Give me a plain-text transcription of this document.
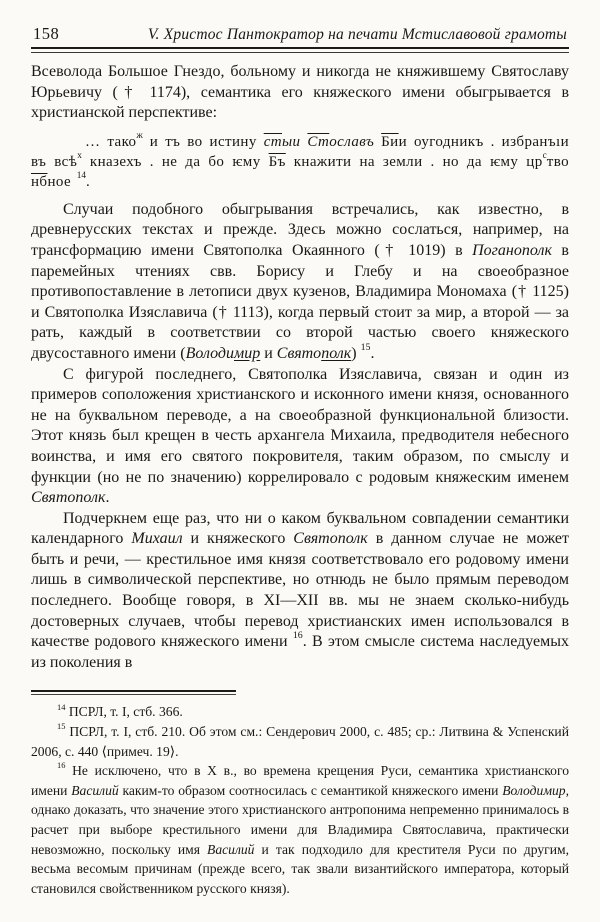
158	V. Христос Пантократор на печати Мстиславовой грамоты

Всеволода Большое Гнездо, больному и никогда не княжившему Святославу Юрьевичу († 1174), семантика его княжеского имени обыгрывается в христианской перспективе:

… тако$^ж$ и тъ во истину стыи Стославъ Бии оугодникъ . избранъıи въ всѣ$^х$ кназехъ . не да бо ѥму Бъ кнажити на земли . но да ѥму $цр^ство$ нбное $^{14}$.

Случаи подобного обыгрывания встречались, как известно, в древнерусских текстах и прежде. Здесь можно сослаться, например, на трансформацию имени Святополка Окаянного († 1019) в Поганополк в паремейных чтениях свв. Борису и Глебу и на своеобразное противопоставление в летописи двух кузенов, Владимира Мономаха († 1125) и Святополка Изяславича († 1113), когда первый стоит за мир, а второй — за рать, каждый в соответствии со второй частью своего княжеского двусоставного имени (Володимир и Святополк) $^{15}$.

С фигурой последнего, Святополка Изяславича, связан и один из примеров соположения христианского и исконного имени князя, основанного не на буквальном переводе, а на своеобразной функциональной близости. Этот князь был крещен в честь архангела Михаила, предводителя небесного воинства, и имя его святого покровителя, таким образом, по смыслу и функции (но не по значению) коррелировало с родовым княжеским именем Святополк.

Подчеркнем еще раз, что ни о каком буквальном совпадении семантики календарного Михаил и княжеского Святополк в данном случае не может быть и речи, — крестильное имя князя соответствовало его родовому имени лишь в символической перспективе, но отнюдь не было прямым переводом последнего. Вообще говоря, в XI—XII вв. мы не знаем сколько-нибудь достоверных случаев, чтобы перевод христианских имен использовался в качестве родового княжеского имени $^{16}$. В этом смысле система наследуемых из поколения в

$^{14}$ ПСРЛ, т. I, стб. 366.

$^{15}$ ПСРЛ, т. I, стб. 210. Об этом см.: Сендерович 2000, с. 485; ср.: Литвина & Успенский 2006, с. 440 ⟨примеч. 19⟩.

$^{16}$ Не исключено, что в X в., во времена крещения Руси, семантика христианского имени Василий каким-то образом соотносилась с семантикой княжеского имени Володимир, однако доказать, что значение этого христианского антропонима непременно принималось в расчет при выборе крестильного имени для Владимира Святославича, практически невозможно, поскольку имя Василий и так подходило для крестителя Руси по другим, весьма весомым причинам (прежде всего, так звали византийского императора, который становился свойственником русского князя).
